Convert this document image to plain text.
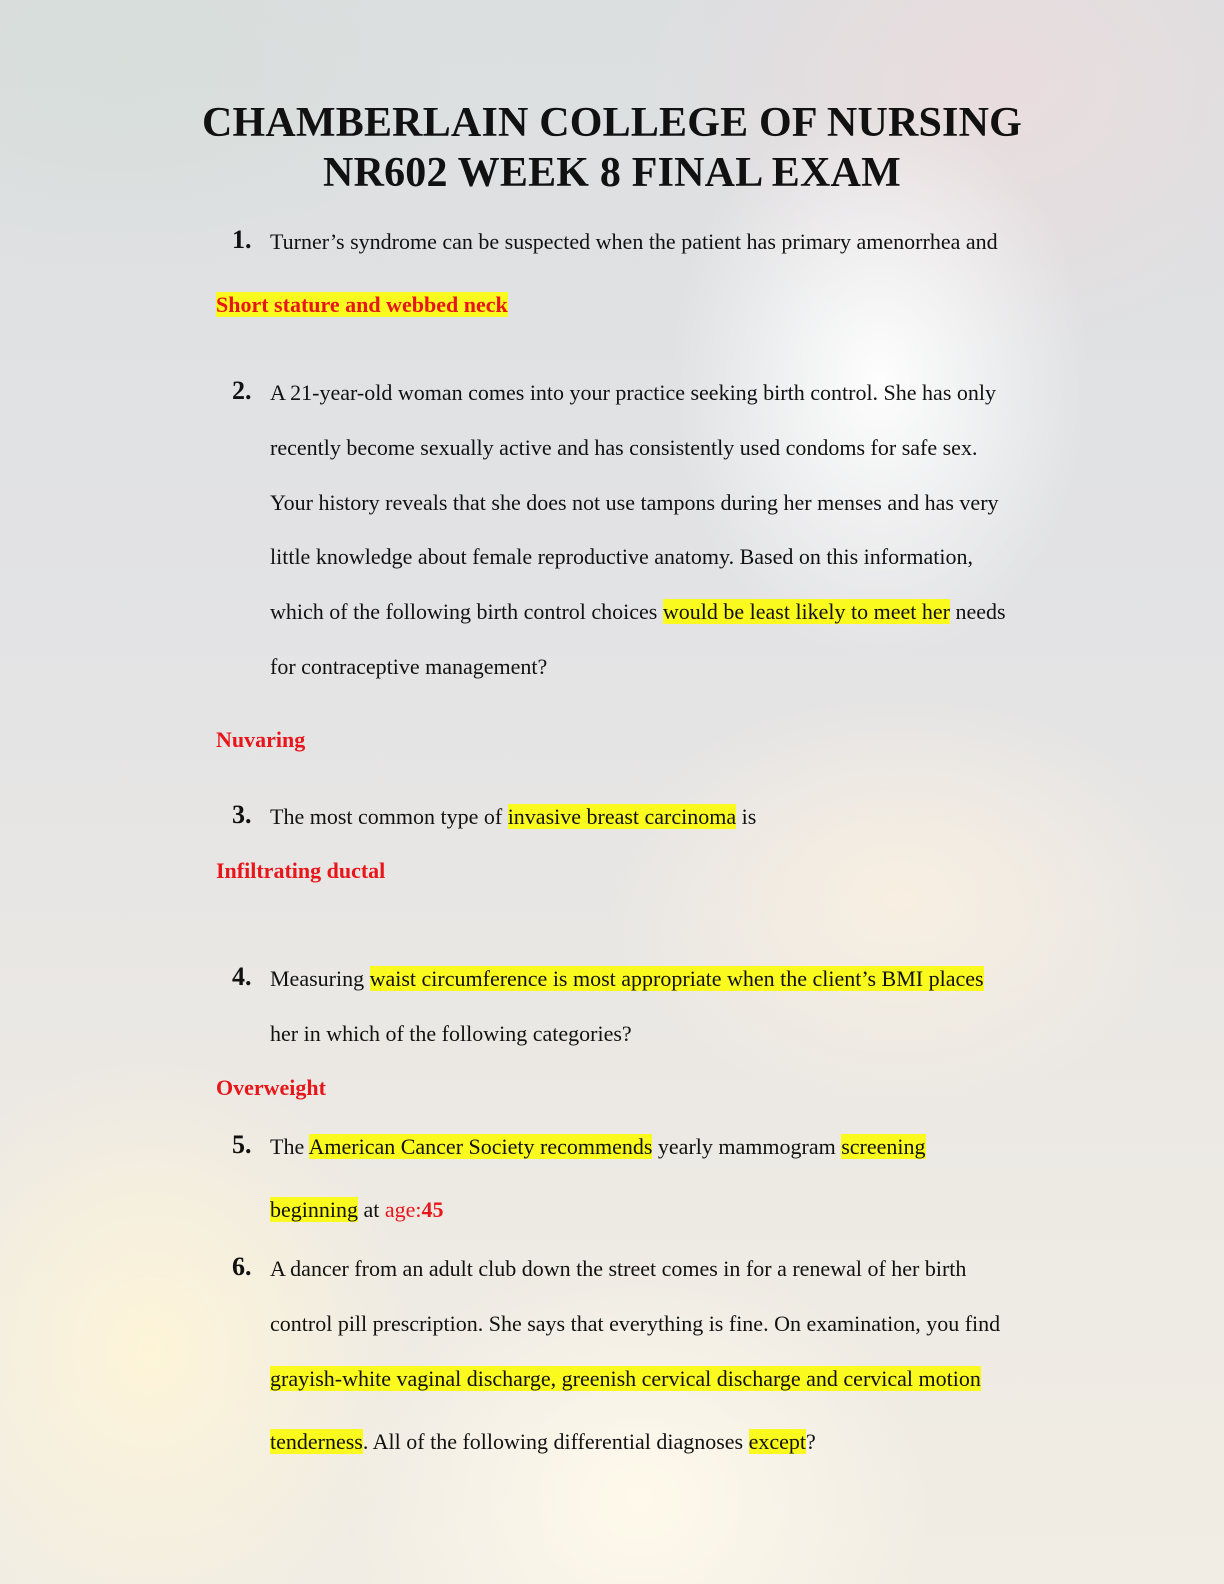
CHAMBERLAIN COLLEGE OF NURSING
NR602 WEEK 8 FINAL EXAM
1. Turner’s syndrome can be suspected when the patient has primary amenorrhea and
Short stature and webbed neck
2. A 21-year-old woman comes into your practice seeking birth control. She has only
recently become sexually active and has consistently used condoms for safe sex.
Your history reveals that she does not use tampons during her menses and has very
little knowledge about female reproductive anatomy. Based on this information,
which of the following birth control choices would be least likely to meet her needs
for contraceptive management?
Nuvaring
3. The most common type of invasive breast carcinoma is
Infiltrating ductal
4. Measuring waist circumference is most appropriate when the client’s BMI places
her in which of the following categories?
Overweight
5. The American Cancer Society recommends yearly mammogram screening
beginning at age:45
6. A dancer from an adult club down the street comes in for a renewal of her birth
control pill prescription. She says that everything is fine. On examination, you find
grayish-white vaginal discharge, greenish cervical discharge and cervical motion
tenderness. All of the following differential diagnoses except?
